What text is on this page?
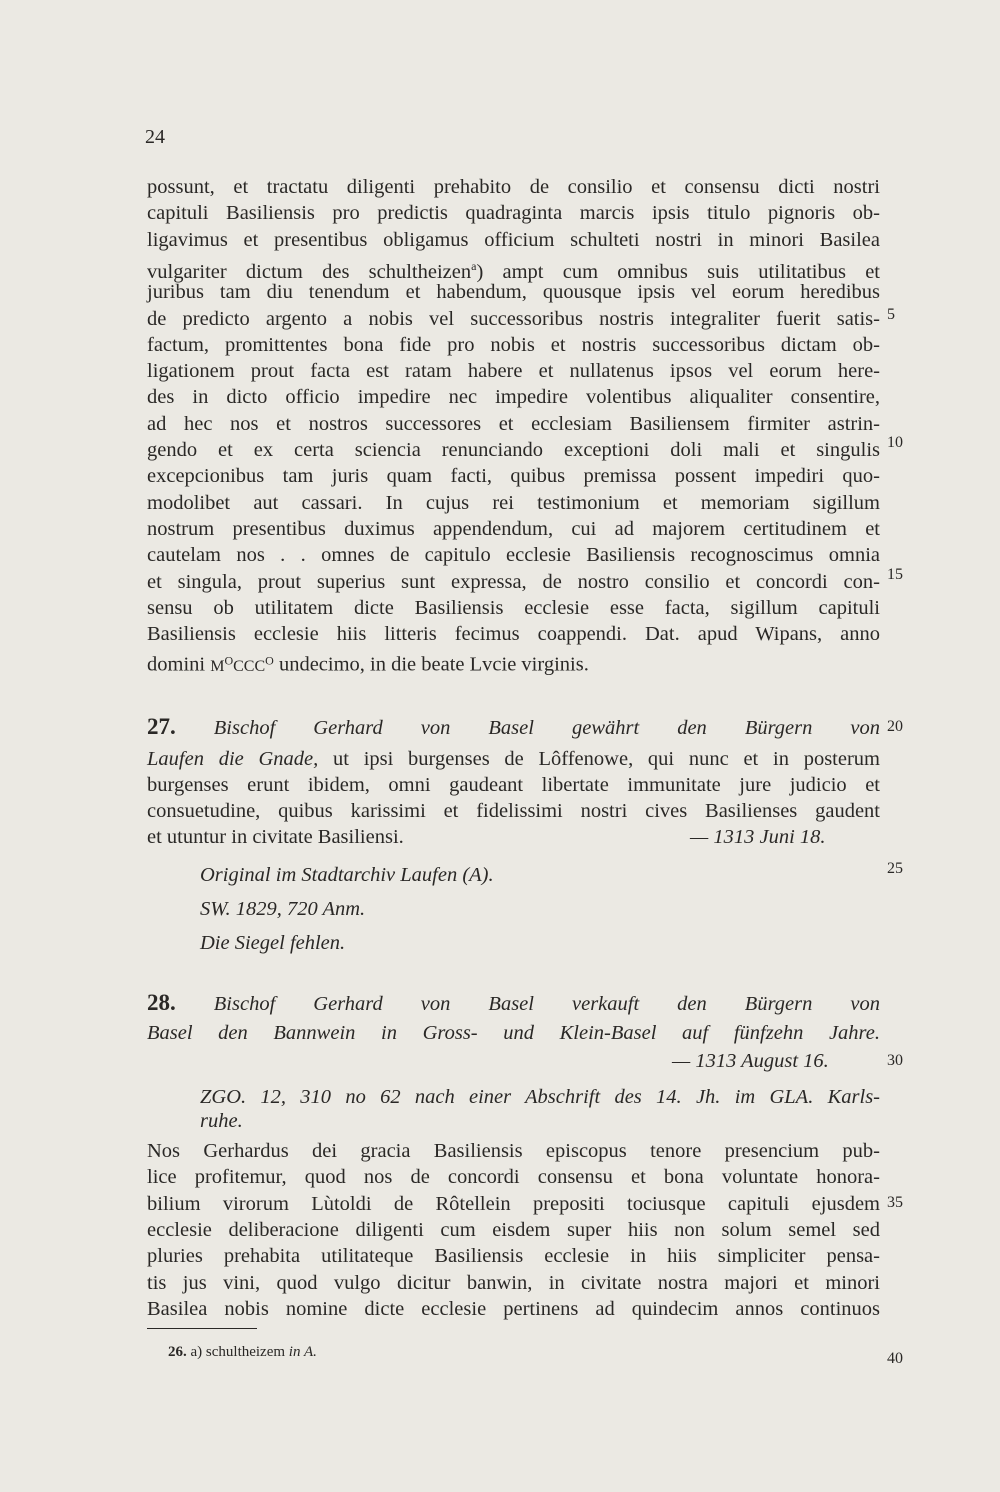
24
possunt, et tractatu diligenti prehabito de consilio et consensu dicti nostri
capituli Basiliensis pro predictis quadraginta marcis ipsis titulo pignoris ob-
ligavimus et presentibus obligamus officium schulteti nostri in minori Basilea
vulgariter dictum des schultheizen$^a$) ampt cum omnibus suis utilitatibus et
juribus tam diu tenendum et habendum, quousque ipsis vel eorum heredibus
de predicto argento a nobis vel successoribus nostris integraliter fuerit satis-
factum, promittentes bona fide pro nobis et nostris successoribus dictam ob-
ligationem prout facta est ratam habere et nullatenus ipsos vel eorum here-
des in dicto officio impedire nec impedire volentibus aliqualiter consentire,
ad hec nos et nostros successores et ecclesiam Basiliensem firmiter astrin-
gendo et ex certa sciencia renunciando exceptioni doli mali et singulis
excepcionibus tam juris quam facti, quibus premissa possent impediri quo-
modolibet aut cassari. In cujus rei testimonium et memoriam sigillum
nostrum presentibus duximus appendendum, cui ad majorem certitudinem et
cautelam nos . . omnes de capitulo ecclesie Basiliensis recognoscimus omnia
et singula, prout superius sunt expressa, de nostro consilio et concordi con-
sensu ob utilitatem dicte Basiliensis ecclesie esse facta, sigillum capituli
Basiliensis ecclesie hiis litteris fecimus coappendi. Dat. apud Wipans, anno
domini $M^OCCC^O$ undecimo, in die beate Lvcie virginis.
27. Bischof Gerhard von Basel gewährt den Bürgern von
Laufen die Gnade, ut ipsi burgenses de Lôffenowe, qui nunc et in posterum
burgenses erunt ibidem, omni gaudeant libertate immunitate jure judicio et
consuetudine, quibus karissimi et fidelissimi nostri cives Basilienses gaudent
et utuntur in civitate Basiliensi.	— 1313 Juni 18.
Original im Stadtarchiv Laufen (A).
SW. 1829, 720 Anm.
Die Siegel fehlen.
28. Bischof Gerhard von Basel verkauft den Bürgern von
Basel den Bannwein in Gross- und Klein-Basel auf fünfzehn Jahre.
— 1313 August 16.
ZGO. 12, 310 no 62 nach einer Abschrift des 14. Jh. im GLA. Karls-
ruhe.
Nos Gerhardus dei gracia Basiliensis episcopus tenore presencium pub-
lice profitemur, quod nos de concordi consensu et bona voluntate honora-
bilium virorum Lùtoldi de Rôtellein prepositi tociusque capituli ejusdem
ecclesie deliberacione diligenti cum eisdem super hiis non solum semel sed
pluries prehabita utilitateque Basiliensis ecclesie in hiis simpliciter pensa-
tis jus vini, quod vulgo dicitur banwin, in civitate nostra majori et minori
Basilea nobis nomine dicte ecclesie pertinens ad quindecim annos continuos
5
10
15
20
25
30
35
40
26. a) schultheizem in A.
